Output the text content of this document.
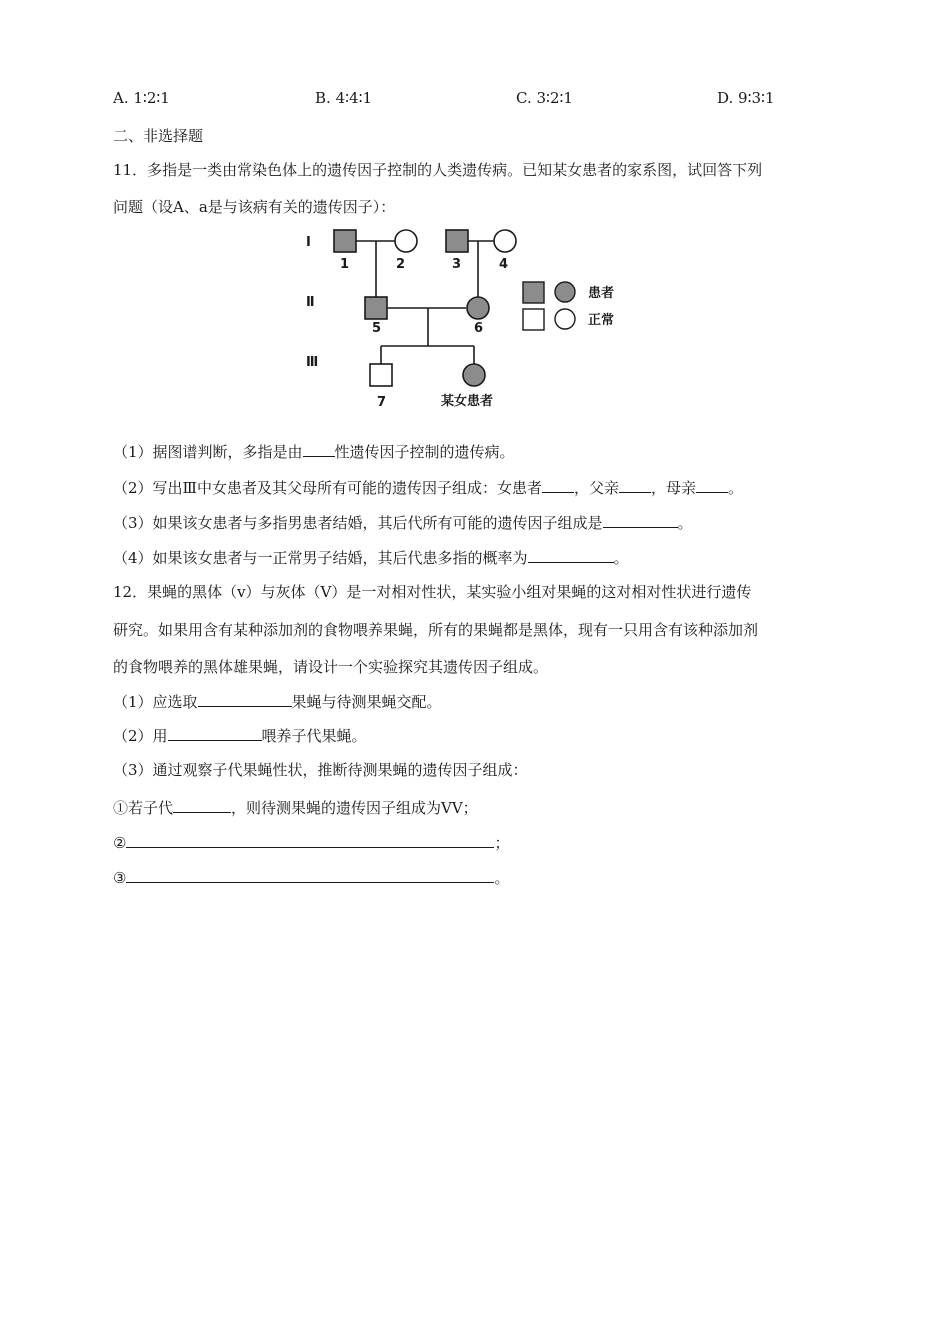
A. 1∶2∶1	B. 4∶4∶1	C. 3∶2∶1	D. 9∶3∶1
二、非选择题
11．多指是一类由常染色体上的遗传因子控制的人类遗传病。已知某女患者的家系图，试回答下列
问题（设A、a是与该病有关的遗传因子）：
（1）据图谱判断，多指是由 性遗传因子控制的遗传病。
（2）写出Ⅲ中女患者及其父母所有可能的遗传因子组成：女患者 ，父亲 ，母亲 。
（3）如果该女患者与多指男患者结婚，其后代所有可能的遗传因子组成是	。
（4）如果该女患者与一正常男子结婚，其后代患多指的概率为	。
12．果蝇的黑体（v）与灰体（V）是一对相对性状，某实验小组对果蝇的这对相对性状进行遗传
研究。如果用含有某种添加剂的食物喂养果蝇，所有的果蝇都是黑体，现有一只用含有该种添加剂
的食物喂养的黑体雄果蝇，请设计一个实验探究其遗传因子组成。
（1）应选取	果蝇与待测果蝇交配。
（2）用	喂养子代果蝇。
（3）通过观察子代果蝇性状，推断待测果蝇的遗传因子组成：
①若子代	，则待测果蝇的遗传因子组成为VV；
②	；
③	。
Ⅰ
Ⅱ
Ⅲ
1	2	3	4
5	6
7	某女患者
患者
正常
